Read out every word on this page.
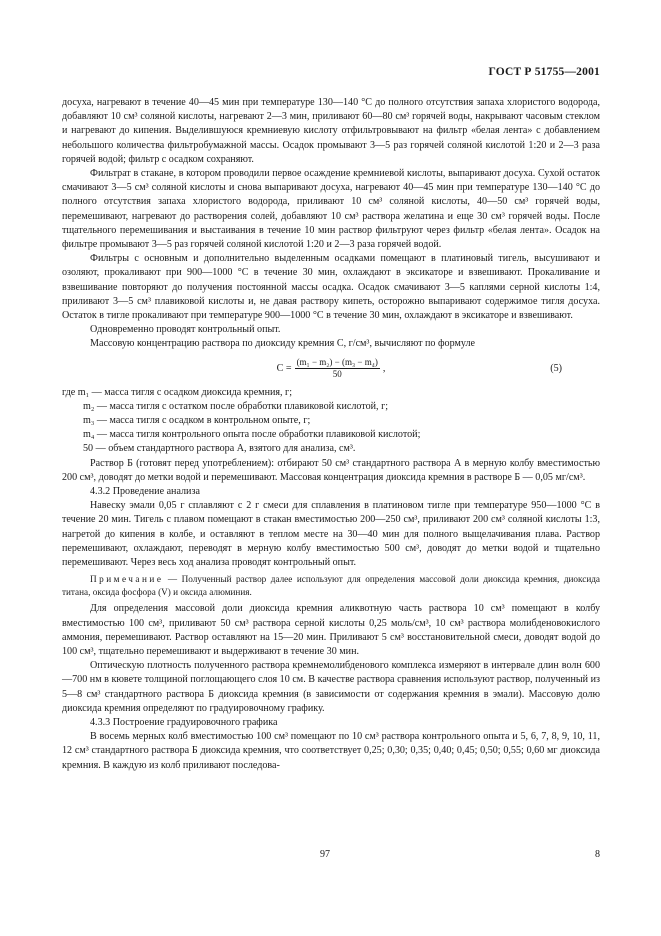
ГОСТ Р 51755—2001

досуха, нагревают в течение 40—45 мин при температуре 130—140 °С до полного отсутствия запаха хлористого водорода, добавляют 10 см³ соляной кислоты, нагревают 2—3 мин, приливают 60—80 см³ горячей воды, накрывают часовым стеклом и нагревают до кипения. Выделившуюся кремниевую кислоту отфильтровывают на фильтр «белая лента» с добавлением небольшого количества фильтробумажной массы. Осадок промывают 3—5 раз горячей соляной кислотой 1:20 и 2—3 раза горячей водой; фильтр с осадком сохраняют.

Фильтрат в стакане, в котором проводили первое осаждение кремниевой кислоты, выпаривают досуха. Сухой остаток смачивают 3—5 см³ соляной кислоты и снова выпаривают досуха, нагревают 40—45 мин при температуре 130—140 °С до полного отсутствия запаха хлористого водорода, приливают 10 см³ соляной кислоты, 40—50 см³ горячей воды, перемешивают, нагревают до растворения солей, добавляют 10 см³ раствора желатина и еще 30 см³ горячей воды. После тщательного перемешивания и выстаивания в течение 10 мин раствор фильтруют через фильтр «белая лента». Осадок на фильтре промывают 3—5 раз горячей соляной кислотой 1:20 и 2—3 раза горячей водой.

Фильтры с основным и дополнительно выделенным осадками помещают в платиновый тигель, высушивают и озоляют, прокаливают при 900—1000 °С в течение 30 мин, охлаждают в эксикаторе и взвешивают. Прокаливание и взвешивание повторяют до получения постоянной массы осадка. Осадок смачивают 3—5 каплями серной кислоты 1:4, приливают 3—5 см³ плавиковой кислоты и, не давая раствору кипеть, осторожно выпаривают содержимое тигля досуха. Остаток в тигле прокаливают при температуре 900—1000 °С в течение 30 мин, охлаждают в эксикаторе и взвешивают.

Одновременно проводят контрольный опыт.

Массовую концентрацию раствора по диоксиду кремния С, г/см³, вычисляют по формуле

$С = \frac{\text{(m₁ − m₂) − (m₃ − m₄)}}{50}$ ,	(5)

где m₁ — масса тигля с осадком диоксида кремния, г;

m₂ — масса тигля с остатком после обработки плавиковой кислотой, г;

m₃ — масса тигля с осадком в контрольном опыте, г;

m₄ — масса тигля контрольного опыта после обработки плавиковой кислотой;

50 — объем стандартного раствора А, взятого для анализа, см³.

Раствор Б (готовят перед употреблением): отбирают 50 см³ стандартного раствора А в мерную колбу вместимостью 200 см³, доводят до метки водой и перемешивают. Массовая концентрация диоксида кремния в растворе Б — 0,05 мг/см³.

4.3.2 Проведение анализа

Навеску эмали 0,05 г сплавляют с 2 г смеси для сплавления в платиновом тигле при температуре 950—1000 °С в течение 20 мин. Тигель с плавом помещают в стакан вместимостью 200—250 см³, приливают 200 см³ соляной кислоты 1:3, нагретой до кипения в колбе, и оставляют в теплом месте на 30—40 мин для полного выщелачивания плава. Раствор перемешивают, охлаждают, переводят в мерную колбу вместимостью 500 см³, доводят до метки водой и тщательно перемешивают. Через весь ход анализа проводят контрольный опыт.

Примечание — Полученный раствор далее используют для определения массовой доли диоксида кремния, диоксида титана, оксида фосфора (V) и оксида алюминия.

Для определения массовой доли диоксида кремния аликвотную часть раствора 10 см³ помещают в колбу вместимостью 100 см³, приливают 50 см³ раствора серной кислоты 0,25 моль/см³, 10 см³ раствора молибденовокислого аммония, перемешивают. Раствор оставляют на 15—20 мин. Приливают 5 см³ восстановительной смеси, доводят водой до 100 см³, тщательно перемешивают и выдерживают в течение 30 мин.

Оптическую плотность полученного раствора кремнемолибденового комплекса измеряют в интервале длин волн 600—700 нм в кювете толщиной поглощающего слоя 10 см. В качестве раствора сравнения используют раствор, полученный из 5—8 см³ стандартного раствора Б диоксида кремния (в зависимости от содержания кремния в эмали). Массовую долю диоксида кремния определяют по градуировочному графику.

4.3.3 Построение градуировочного графика

В восемь мерных колб вместимостью 100 см³ помещают по 10 см³ раствора контрольного опыта и 5, 6, 7, 8, 9, 10, 11, 12 см³ стандартного раствора Б диоксида кремния, что соответствует 0,25; 0,30; 0,35; 0,40; 0,45; 0,50; 0,55; 0,60 мг диоксида кремния. В каждую из колб приливают последова-

97	8
